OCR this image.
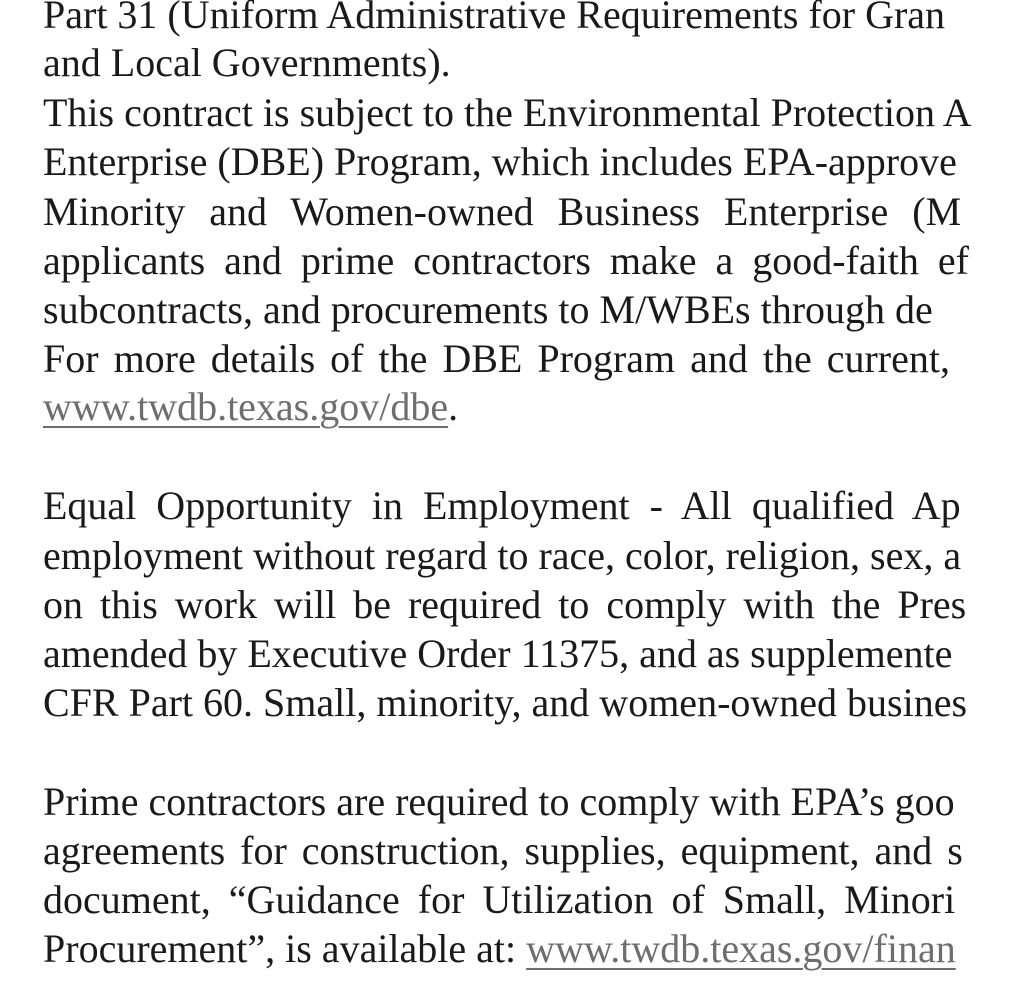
Part 31 (Uniform Administrative Requirements for Gran
and Local Governments).
This contract is subject to the Environmental Protection A
Enterprise (DBE) Program, which includes EPA-approve
Minority and Women-owned Business Enterprise (M
applicants and prime contractors make a good-faith ef
subcontracts, and procurements to M/WBEs through de
For more details of the DBE Program and the current,
www.twdb.texas.gov/dbe.
Equal Opportunity in Employment - All qualified Ap
employment without regard to race, color, religion, sex, a
on this work will be required to comply with the Pres
amended by Executive Order 11375, and as supplemente
CFR Part 60. Small, minority, and women-owned busines
Prime contractors are required to comply with EPA’s goo
agreements for construction, supplies, equipment, and s
document, “Guidance for Utilization of Small, Minori
Procurement”, is available at: www.twdb.texas.gov/finan
